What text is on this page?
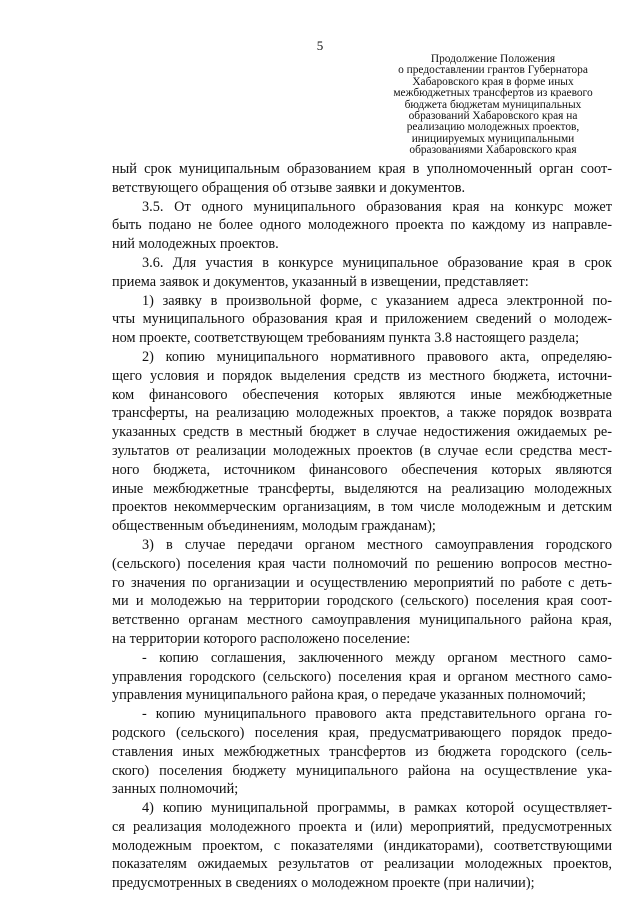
5
Продолжение Положения
о предоставлении грантов Губернатора
Хабаровского края в форме иных
межбюджетных трансфертов из краевого
бюджета бюджетам муниципальных
образований Хабаровского края на
реализацию молодежных проектов,
инициируемых муниципальными
образованиями Хабаровского края
ный срок муниципальным образованием края в уполномоченный орган соот-
ветствующего обращения об отзыве заявки и документов.
3.5. От одного муниципального образования края на конкурс может
быть подано не более одного молодежного проекта по каждому из направле-
ний молодежных проектов.
3.6. Для участия в конкурсе муниципальное образование края в срок
приема заявок и документов, указанный в извещении, представляет:
1) заявку в произвольной форме, с указанием адреса электронной по-
чты муниципального образования края и приложением сведений о молодеж-
ном проекте, соответствующем требованиям пункта 3.8 настоящего раздела;
2) копию муниципального нормативного правового акта, определяю-
щего условия и порядок выделения средств из местного бюджета, источни-
ком финансового обеспечения которых являются иные межбюджетные
трансферты, на реализацию молодежных проектов, а также порядок возврата
указанных средств в местный бюджет в случае недостижения ожидаемых ре-
зультатов от реализации молодежных проектов (в случае если средства мест-
ного бюджета, источником финансового обеспечения которых являются
иные межбюджетные трансферты, выделяются на реализацию молодежных
проектов некоммерческим организациям, в том числе молодежным и детским
общественным объединениям, молодым гражданам);
3) в случае передачи органом местного самоуправления городского
(сельского) поселения края части полномочий по решению вопросов местно-
го значения по организации и осуществлению мероприятий по работе с деть-
ми и молодежью на территории городского (сельского) поселения края соот-
ветственно органам местного самоуправления муниципального района края,
на территории которого расположено поселение:
- копию соглашения, заключенного между органом местного само-
управления городского (сельского) поселения края и органом местного само-
управления муниципального района края, о передаче указанных полномочий;
- копию муниципального правового акта представительного органа го-
родского (сельского) поселения края, предусматривающего порядок предо-
ставления иных межбюджетных трансфертов из бюджета городского (сель-
ского) поселения бюджету муниципального района на осуществление ука-
занных полномочий;
4) копию муниципальной программы, в рамках которой осуществляет-
ся реализация молодежного проекта и (или) мероприятий, предусмотренных
молодежным проектом, с показателями (индикаторами), соответствующими
показателям ожидаемых результатов от реализации молодежных проектов,
предусмотренных в сведениях о молодежном проекте (при наличии);
